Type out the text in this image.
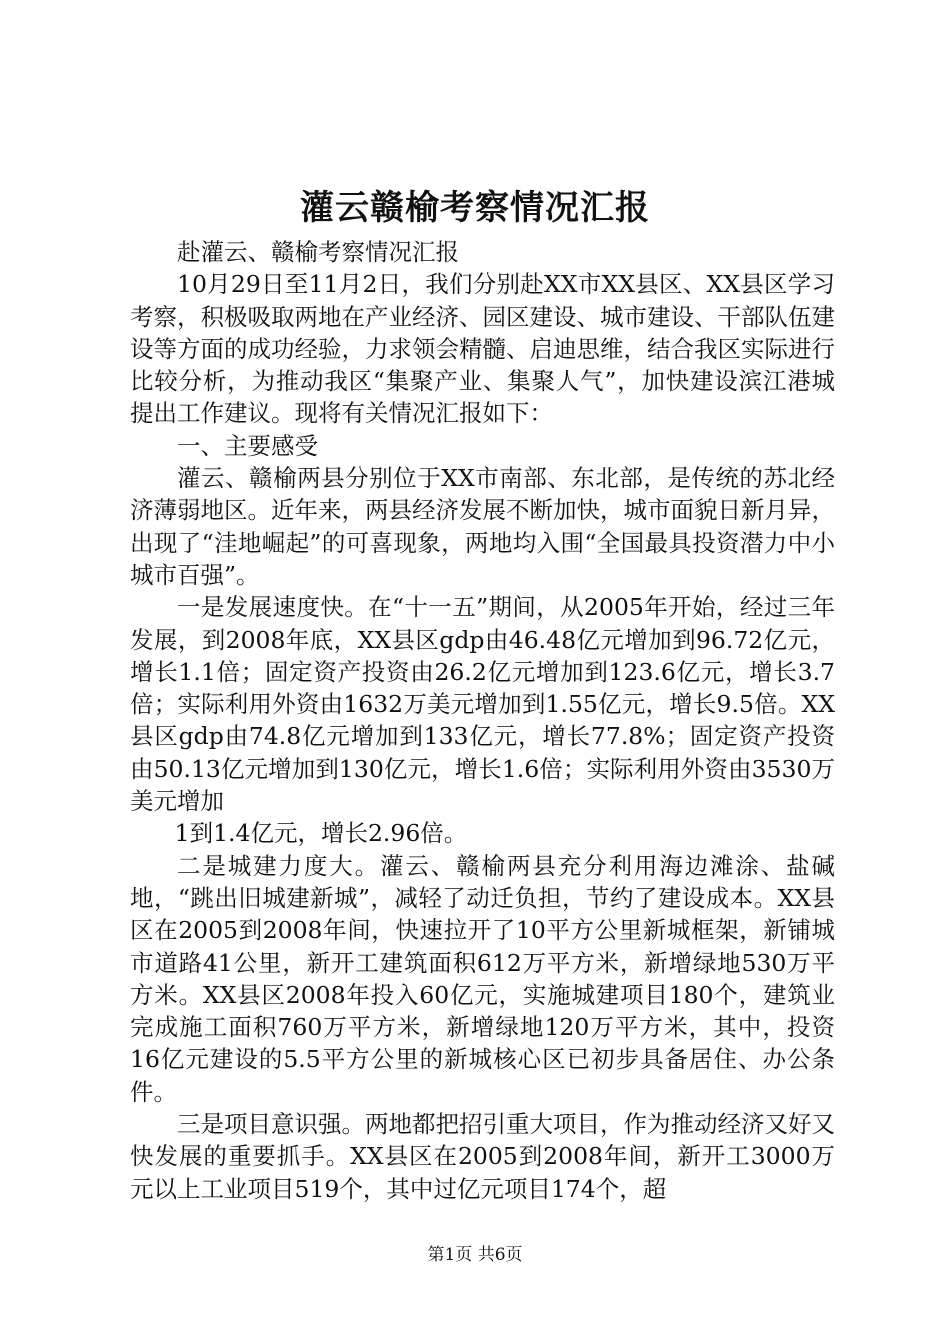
灌云赣榆考察情况汇报

赴灌云、赣榆考察情况汇报

10月29日至11月2日，我们分别赴XX市XX县区、XX县区学习考察，积极吸取两地在产业经济、园区建设、城市建设、干部队伍建设等方面的成功经验，力求领会精髓、启迪思维，结合我区实际进行比较分析，为推动我区“集聚产业、集聚人气”，加快建设滨江港城提出工作建议。现将有关情况汇报如下：

一、主要感受

灌云、赣榆两县分别位于XX市南部、东北部，是传统的苏北经济薄弱地区。近年来，两县经济发展不断加快，城市面貌日新月异，出现了“洼地崛起”的可喜现象，两地均入围“全国最具投资潜力中小城市百强”。

一是发展速度快。在“十一五”期间，从2005年开始，经过三年发展，到2008年底，XX县区gdp由46.48亿元增加到96.72亿元，增长1.1倍；固定资产投资由26.2亿元增加到123.6亿元，增长3.7倍；实际利用外资由1632万美元增加到1.55亿元，增长9.5倍。XX县区gdp由74.8亿元增加到133亿元，增长77.8%；固定资产投资由50.13亿元增加到130亿元，增长1.6倍；实际利用外资由3530万美元增加

1到1.4亿元，增长2.96倍。

二是城建力度大。灌云、赣榆两县充分利用海边滩涂、盐碱地，“跳出旧城建新城”，减轻了动迁负担，节约了建设成本。XX县区在2005到2008年间，快速拉开了10平方公里新城框架，新铺城市道路41公里，新开工建筑面积612万平方米，新增绿地530万平方米。XX县区2008年投入60亿元，实施城建项目180个，建筑业完成施工面积760万平方米，新增绿地120万平方米，其中，投资16亿元建设的5.5平方公里的新城核心区已初步具备居住、办公条件。

三是项目意识强。两地都把招引重大项目，作为推动经济又好又快发展的重要抓手。XX县区在2005到2008年间，新开工3000万元以上工业项目519个，其中过亿元项目174个，超

第1页 共6页
